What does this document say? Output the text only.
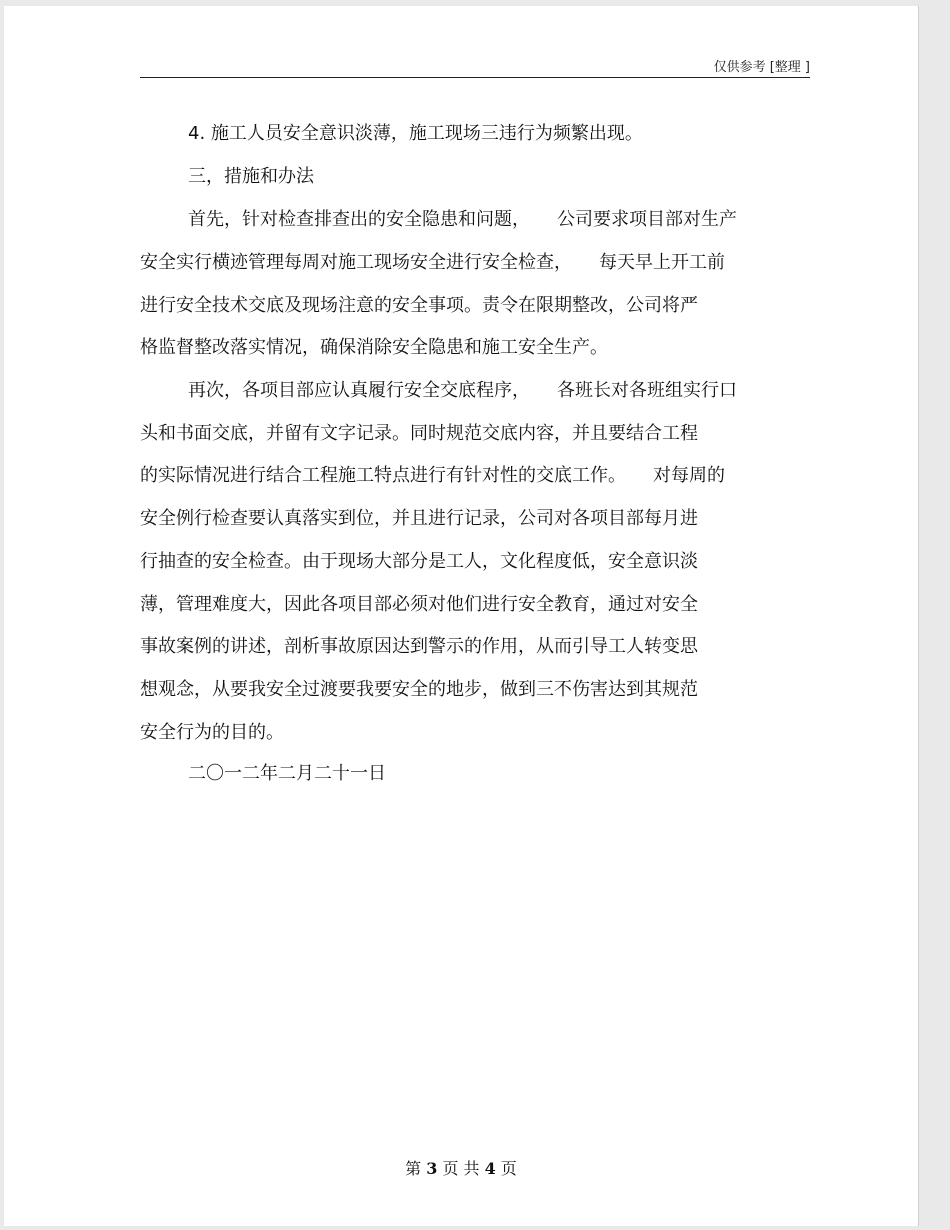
仅供参考 [整理 ]
4. 施工人员安全意识淡薄，施工现场三违行为频繁出现。
三，措施和办法
首先，针对检查排查出的安全隐患和问题，　　公司要求项目部对生产
安全实行横迹管理每周对施工现场安全进行安全检查，　　每天早上开工前
进行安全技术交底及现场注意的安全事项。责令在限期整改，公司将严
格监督整改落实情况，确保消除安全隐患和施工安全生产。
再次，各项目部应认真履行安全交底程序，　　各班长对各班组实行口
头和书面交底，并留有文字记录。同时规范交底内容，并且要结合工程
的实际情况进行结合工程施工特点进行有针对性的交底工作。　　对每周的
安全例行检查要认真落实到位，并且进行记录，公司对各项目部每月进
行抽查的安全检查。由于现场大部分是工人，文化程度低，安全意识淡
薄，管理难度大，因此各项目部必须对他们进行安全教育，通过对安全
事故案例的讲述，剖析事故原因达到警示的作用，从而引导工人转变思
想观念，从要我安全过渡要我要安全的地步，做到三不伤害达到其规范
安全行为的目的。
二〇一二年二月二十一日
第 3 页 共 4 页
